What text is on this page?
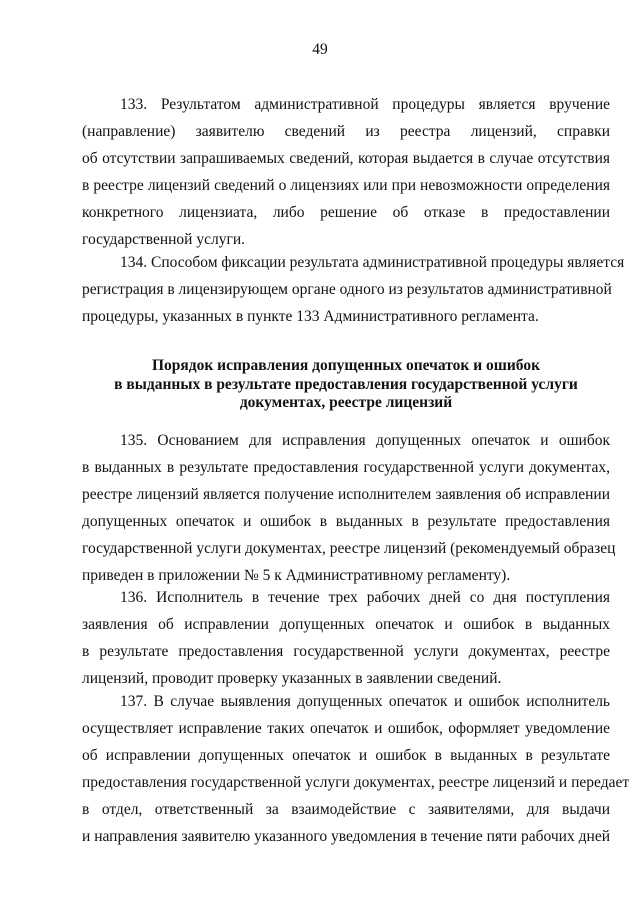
49

133. Результатом административной процедуры является вручение
(направление) заявителю сведений из реестра лицензий, справки
об отсутствии запрашиваемых сведений, которая выдается в случае отсутствия
в реестре лицензий сведений о лицензиях или при невозможности определения
конкретного лицензиата, либо решение об отказе в предоставлении
государственной услуги.

134. Способом фиксации результата административной процедуры является
регистрация в лицензирующем органе одного из результатов административной
процедуры, указанных в пункте 133 Административного регламента.

Порядок исправления допущенных опечаток и ошибок
в выданных в результате предоставления государственной услуги
документах, реестре лицензий

135. Основанием для исправления допущенных опечаток и ошибок
в выданных в результате предоставления государственной услуги документах,
реестре лицензий является получение исполнителем заявления об исправлении
допущенных опечаток и ошибок в выданных в результате предоставления
государственной услуги документах, реестре лицензий (рекомендуемый образец
приведен в приложении № 5 к Административному регламенту).

136. Исполнитель в течение трех рабочих дней со дня поступления
заявления об исправлении допущенных опечаток и ошибок в выданных
в результате предоставления государственной услуги документах, реестре
лицензий, проводит проверку указанных в заявлении сведений.

137. В случае выявления допущенных опечаток и ошибок исполнитель
осуществляет исправление таких опечаток и ошибок, оформляет уведомление
об исправлении допущенных опечаток и ошибок в выданных в результате
предоставления государственной услуги документах, реестре лицензий и передает
в отдел, ответственный за взаимодействие с заявителями, для выдачи
и направления заявителю указанного уведомления в течение пяти рабочих дней
